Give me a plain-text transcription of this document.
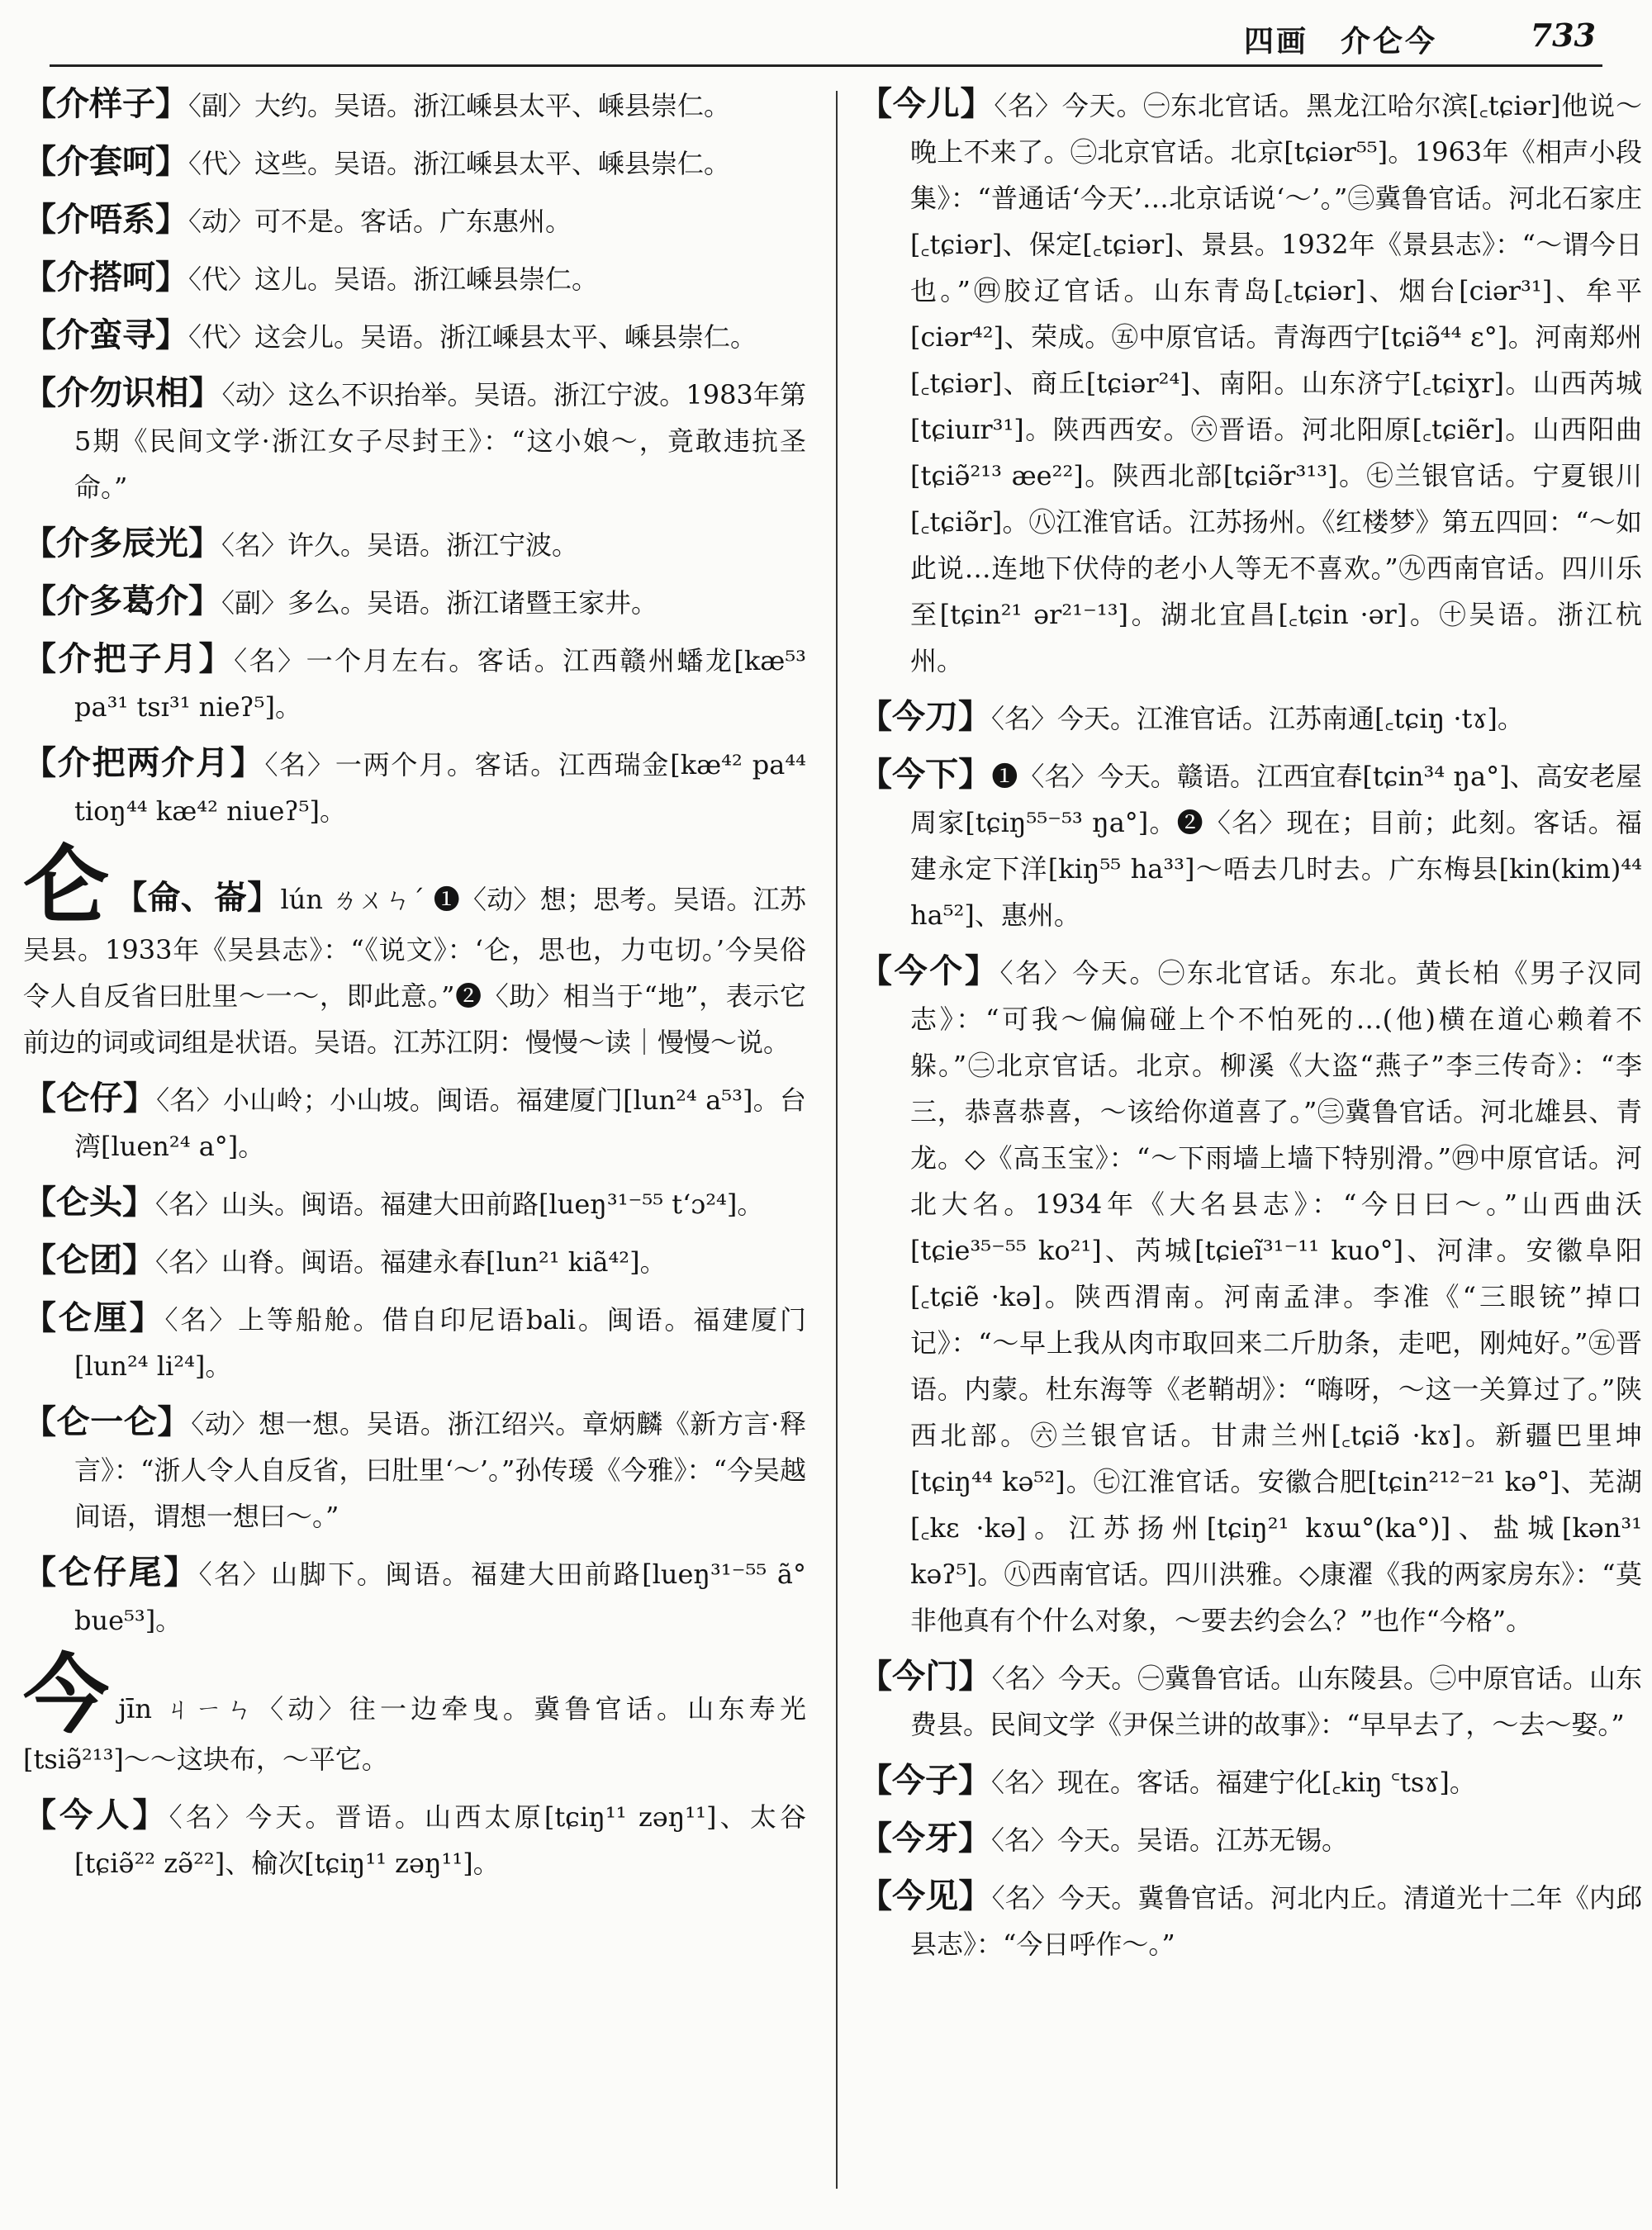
四画　介仑今	733
【介样子】〈副〉大约。吴语。浙江嵊县太平、嵊县崇仁。
【介套呵】〈代〉这些。吴语。浙江嵊县太平、嵊县崇仁。
【介唔系】〈动〉可不是。客话。广东惠州。
【介搭呵】〈代〉这儿。吴语。浙江嵊县崇仁。
【介蛮寻】〈代〉这会儿。吴语。浙江嵊县太平、嵊县崇仁。
【介勿识相】〈动〉这么不识抬举。吴语。浙江宁波。1983年第5期《民间文学·浙江女子尽封王》：“这小娘～，竟敢违抗圣命。”
【介多辰光】〈名〉许久。吴语。浙江宁波。
【介多葛介】〈副〉多么。吴语。浙江诸暨王家井。
【介把子月】〈名〉一个月左右。客话。江西赣州蟠龙[kæ⁵³ pa³¹ tsɪ³¹ nieʔ⁵]。
【介把两介月】〈名〉一两个月。客话。江西瑞金[kæ⁴² pa⁴⁴ tioŋ⁴⁴ kæ⁴² niueʔ⁵]。
仑 【侖、崙】lún ㄌㄨㄣˊ ❶〈动〉想；思考。吴语。江苏吴县。1933年《吴县志》：“《说文》：‘仑，思也，力屯切。’今吴俗令人自反省曰肚里～一～，即此意。”❷〈助〉相当于“地”，表示它前边的词或词组是状语。吴语。江苏江阴：慢慢～读｜慢慢～说。
【仑仔】〈名〉小山岭；小山坡。闽语。福建厦门[lun²⁴ a⁵³]。台湾[luen²⁴ a°]。
【仑头】〈名〉山头。闽语。福建大田前路[lueŋ³¹⁻⁵⁵ tʻɔ²⁴]。
【仑团】〈名〉山脊。闽语。福建永春[lun²¹ kiã⁴²]。
【仑厘】〈名〉上等船舱。借自印尼语bali。闽语。福建厦门[lun²⁴ li²⁴]。
【仑一仑】〈动〉想一想。吴语。浙江绍兴。章炳麟《新方言·释言》：“浙人令人自反省，曰肚里‘～’。”孙传瑗《今雅》：“今吴越间语，谓想一想曰～。”
【仑仔尾】〈名〉山脚下。闽语。福建大田前路[lueŋ³¹⁻⁵⁵ ã° bue⁵³]。
今jīn ㄐㄧㄣ〈动〉往一边牵曳。冀鲁官话。山东寿光[tsiə̃²¹³]～～这块布，～平它。
【今人】〈名〉今天。晋语。山西太原[tɕiŋ¹¹ zəŋ¹¹]、太谷[tɕiə̃²² zə̃²²]、榆次[tɕiŋ¹¹ zəŋ¹¹]。
【今儿】〈名〉今天。㊀东北官话。黑龙江哈尔滨[꜀tɕiər]他说～晚上不来了。㊁北京官话。北京[tɕiər⁵⁵]。1963年《相声小段集》：“普通话‘今天’…北京话说‘～’。”㊂冀鲁官话。河北石家庄[꜀tɕiər]、保定[꜀tɕiər]、景县。1932年《景县志》：“～谓今日也。”㊃胶辽官话。山东青岛[꜀tɕiər]、烟台[ciər³¹]、牟平[ciər⁴²]、荣成。㊄中原官话。青海西宁[tɕiə̃⁴⁴ ɛ°]。河南郑州[꜀tɕiər]、商丘[tɕiər²⁴]、南阳。山东济宁[꜀tɕiɣr]。山西芮城[tɕiuɪr³¹]。陕西西安。㊅晋语。河北阳原[꜀tɕiẽr]。山西阳曲[tɕiə̃²¹³ æe²²]。陕西北部[tɕiə̃r³¹³]。㊆兰银官话。宁夏银川[꜀tɕiə̃r]。㊇江淮官话。江苏扬州。《红楼梦》第五四回：“～如此说…连地下伏侍的老小人等无不喜欢。”㊈西南官话。四川乐至[tɕin²¹ ər²¹⁻¹³]。湖北宜昌[꜀tɕin ·ər]。㊉吴语。浙江杭州。
【今刀】〈名〉今天。江淮官话。江苏南通[꜀tɕiŋ ·tɤ]。
【今下】❶〈名〉今天。赣语。江西宜春[tɕin³⁴ ŋa°]、高安老屋周家[tɕiŋ⁵⁵⁻⁵³ ŋa°]。❷〈名〉现在；目前；此刻。客话。福建永定下洋[kiŋ⁵⁵ ha³³]～唔去几时去。广东梅县[kin(kim)⁴⁴ ha⁵²]、惠州。
【今个】〈名〉今天。㊀东北官话。东北。黄长柏《男子汉同志》：“可我～偏偏碰上个不怕死的…(他)横在道心赖着不躲。”㊁北京官话。北京。柳溪《大盗“燕子”李三传奇》：“李三，恭喜恭喜，～该给你道喜了。”㊂冀鲁官话。河北雄县、青龙。◇《高玉宝》：“～下雨墙上墙下特别滑。”㊃中原官话。河北大名。1934年《大名县志》：“今日曰～。”山西曲沃[tɕie³⁵⁻⁵⁵ ko²¹]、芮城[tɕieĩ³¹⁻¹¹ kuo°]、河津。安徽阜阳[꜀tɕiẽ ·kə]。陕西渭南。河南孟津。李准《“三眼铳”掉口记》：“～早上我从肉市取回来二斤肋条，走吧，刚炖好。”㊄晋语。内蒙。杜东海等《老鞘胡》：“嗨呀，～这一关算过了。”陕西北部。㊅兰银官话。甘肃兰州[꜀tɕiə̃ ·kɤ]。新疆巴里坤[tɕiŋ⁴⁴ kə⁵²]。㊆江淮官话。安徽合肥[tɕin²¹²⁻²¹ kə°]、芜湖[꜀kɛ ·kə]。江苏扬州[tɕiŋ²¹ kɤɯ°(ka°)]、盐城[kən³¹ kəʔ⁵]。㊇西南官话。四川洪雅。◇康濯《我的两家房东》：“莫非他真有个什么对象，～要去约会么？”也作“今格”。
【今门】〈名〉今天。㊀冀鲁官话。山东陵县。㊁中原官话。山东费县。民间文学《尹保兰讲的故事》：“早早去了，～去～娶。”
【今子】〈名〉现在。客话。福建宁化[꜀kiŋ ꜂tsɤ]。
【今牙】〈名〉今天。吴语。江苏无锡。
【今见】〈名〉今天。冀鲁官话。河北内丘。清道光十二年《内邱县志》：“今日呼作～。”
